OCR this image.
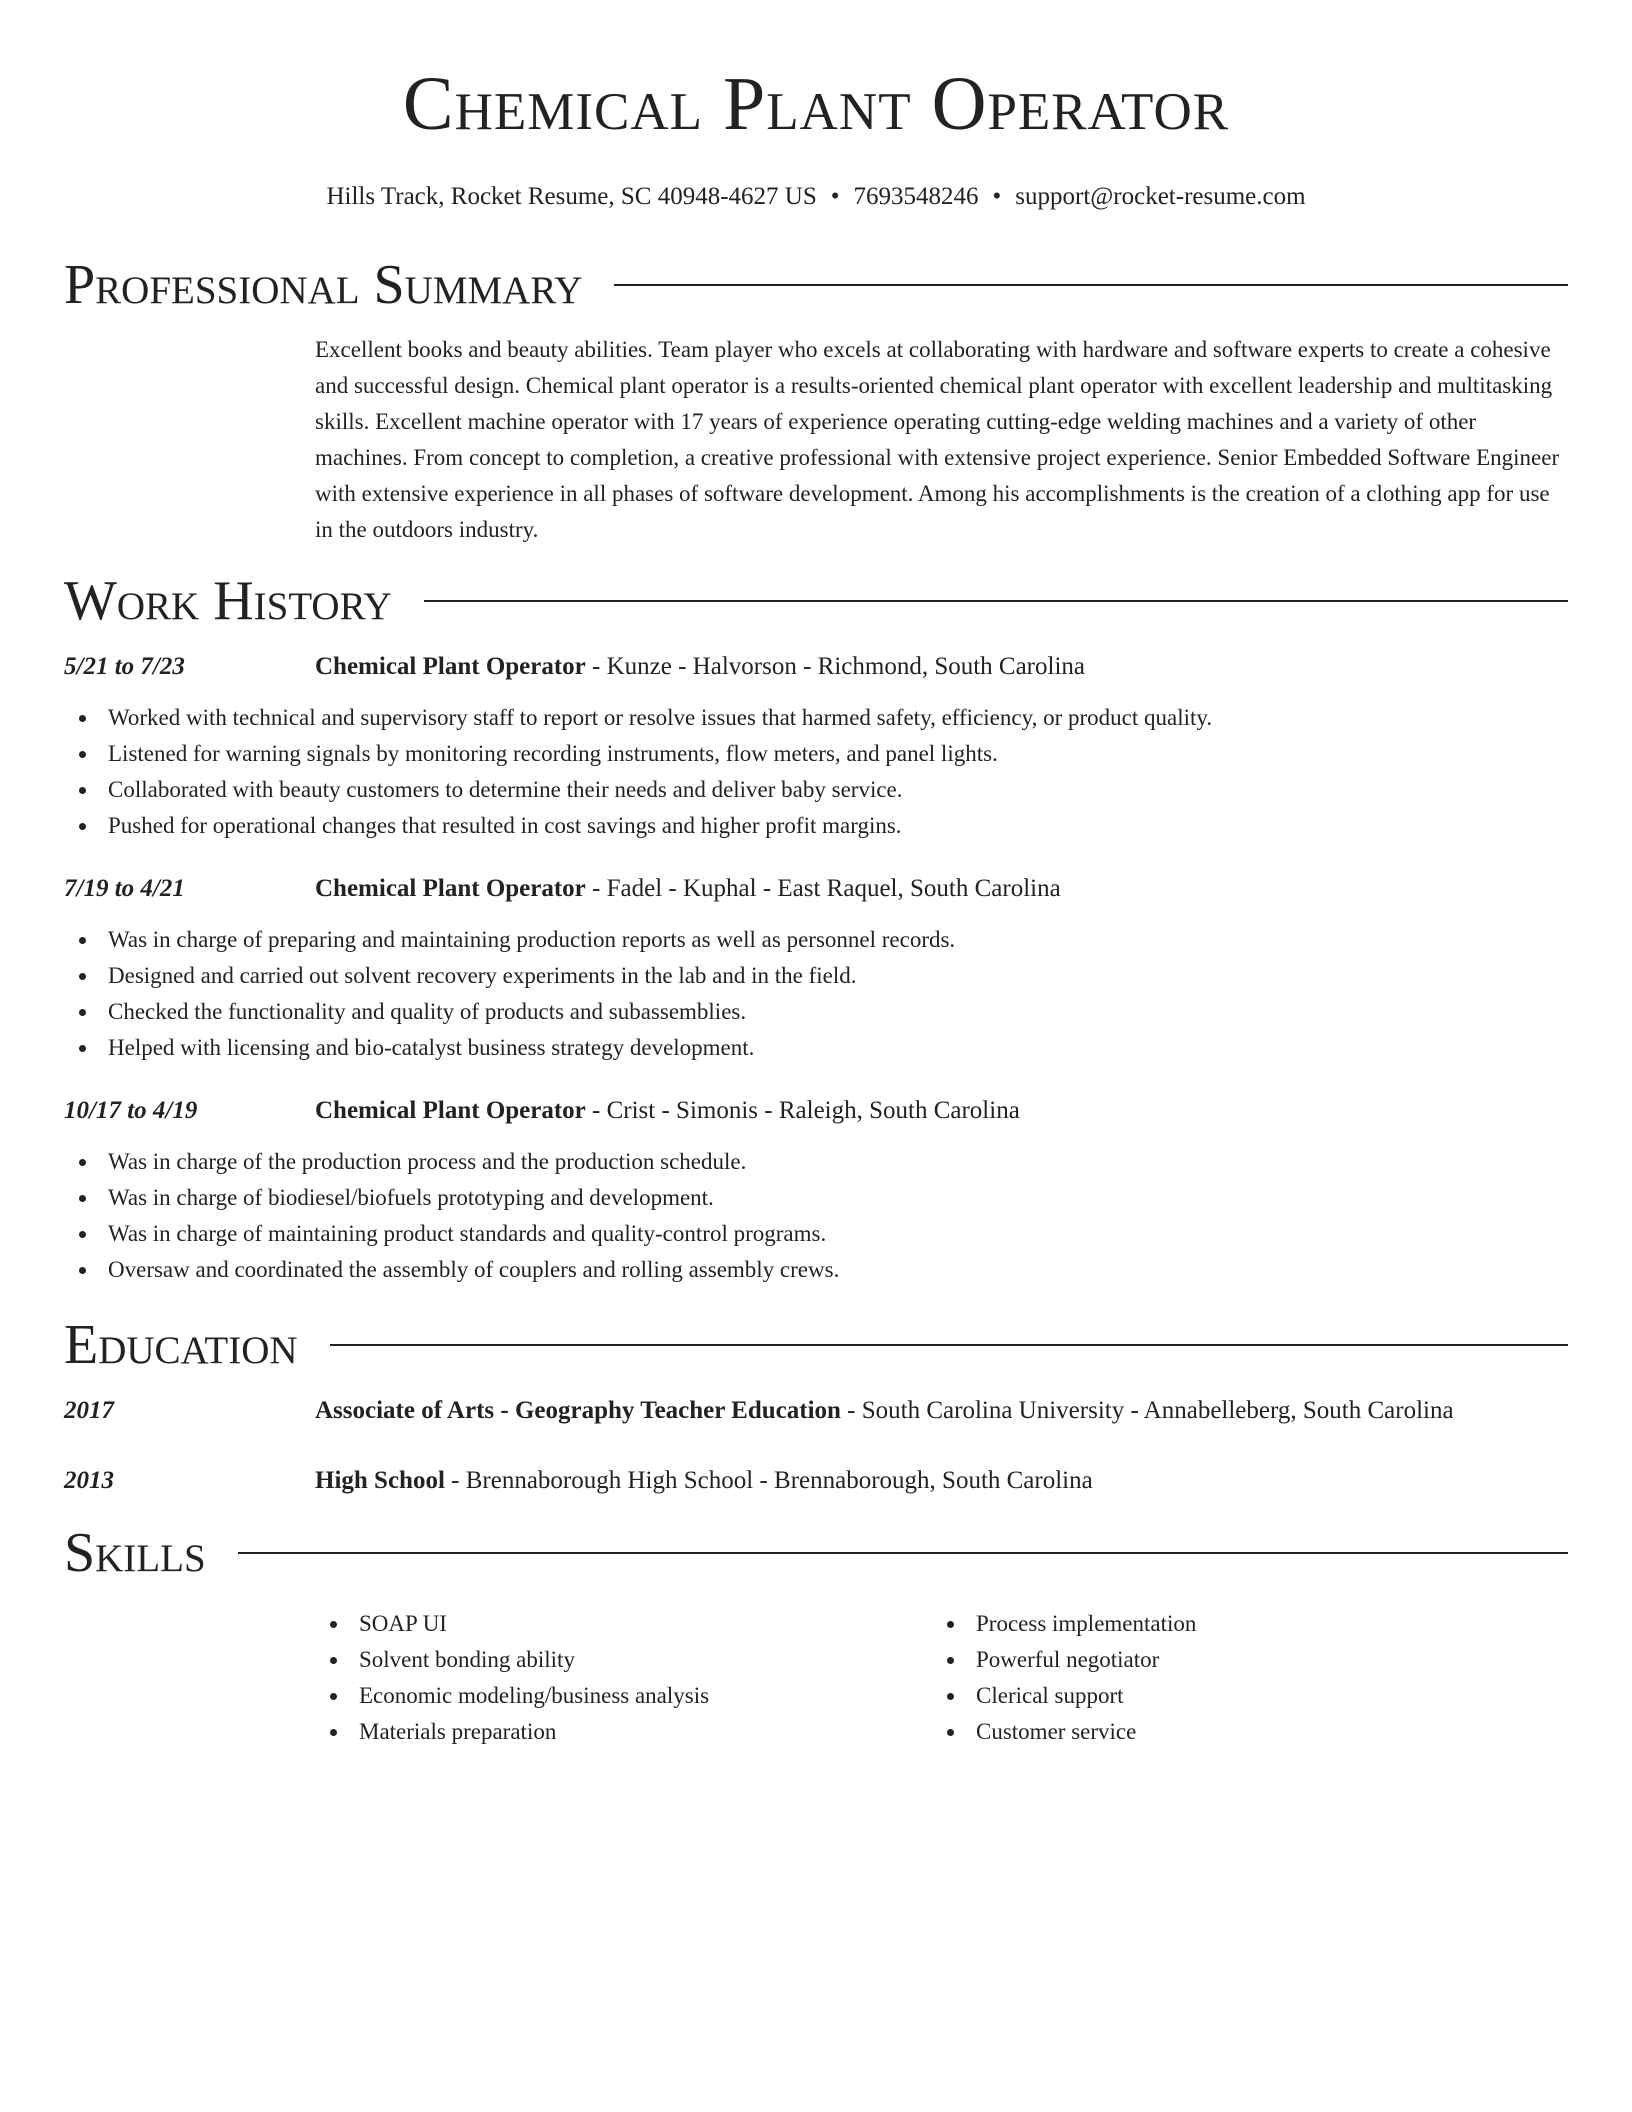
Chemical Plant Operator
Hills Track, Rocket Resume, SC 40948-4627 US • 7693548246 • support@rocket-resume.com
Professional Summary
Excellent books and beauty abilities. Team player who excels at collaborating with hardware and software experts to create a cohesive and successful design. Chemical plant operator is a results-oriented chemical plant operator with excellent leadership and multitasking skills. Excellent machine operator with 17 years of experience operating cutting-edge welding machines and a variety of other machines. From concept to completion, a creative professional with extensive project experience. Senior Embedded Software Engineer with extensive experience in all phases of software development. Among his accomplishments is the creation of a clothing app for use in the outdoors industry.
Work History
5/21 to 7/23	Chemical Plant Operator - Kunze - Halvorson - Richmond, South Carolina
Worked with technical and supervisory staff to report or resolve issues that harmed safety, efficiency, or product quality.
Listened for warning signals by monitoring recording instruments, flow meters, and panel lights.
Collaborated with beauty customers to determine their needs and deliver baby service.
Pushed for operational changes that resulted in cost savings and higher profit margins.
7/19 to 4/21	Chemical Plant Operator - Fadel - Kuphal - East Raquel, South Carolina
Was in charge of preparing and maintaining production reports as well as personnel records.
Designed and carried out solvent recovery experiments in the lab and in the field.
Checked the functionality and quality of products and subassemblies.
Helped with licensing and bio-catalyst business strategy development.
10/17 to 4/19	Chemical Plant Operator - Crist - Simonis - Raleigh, South Carolina
Was in charge of the production process and the production schedule.
Was in charge of biodiesel/biofuels prototyping and development.
Was in charge of maintaining product standards and quality-control programs.
Oversaw and coordinated the assembly of couplers and rolling assembly crews.
Education
2017	Associate of Arts - Geography Teacher Education - South Carolina University - Annabelleberg, South Carolina
2013	High School - Brennaborough High School - Brennaborough, South Carolina
Skills
SOAP UI
Solvent bonding ability
Economic modeling/business analysis
Materials preparation
Process implementation
Powerful negotiator
Clerical support
Customer service
